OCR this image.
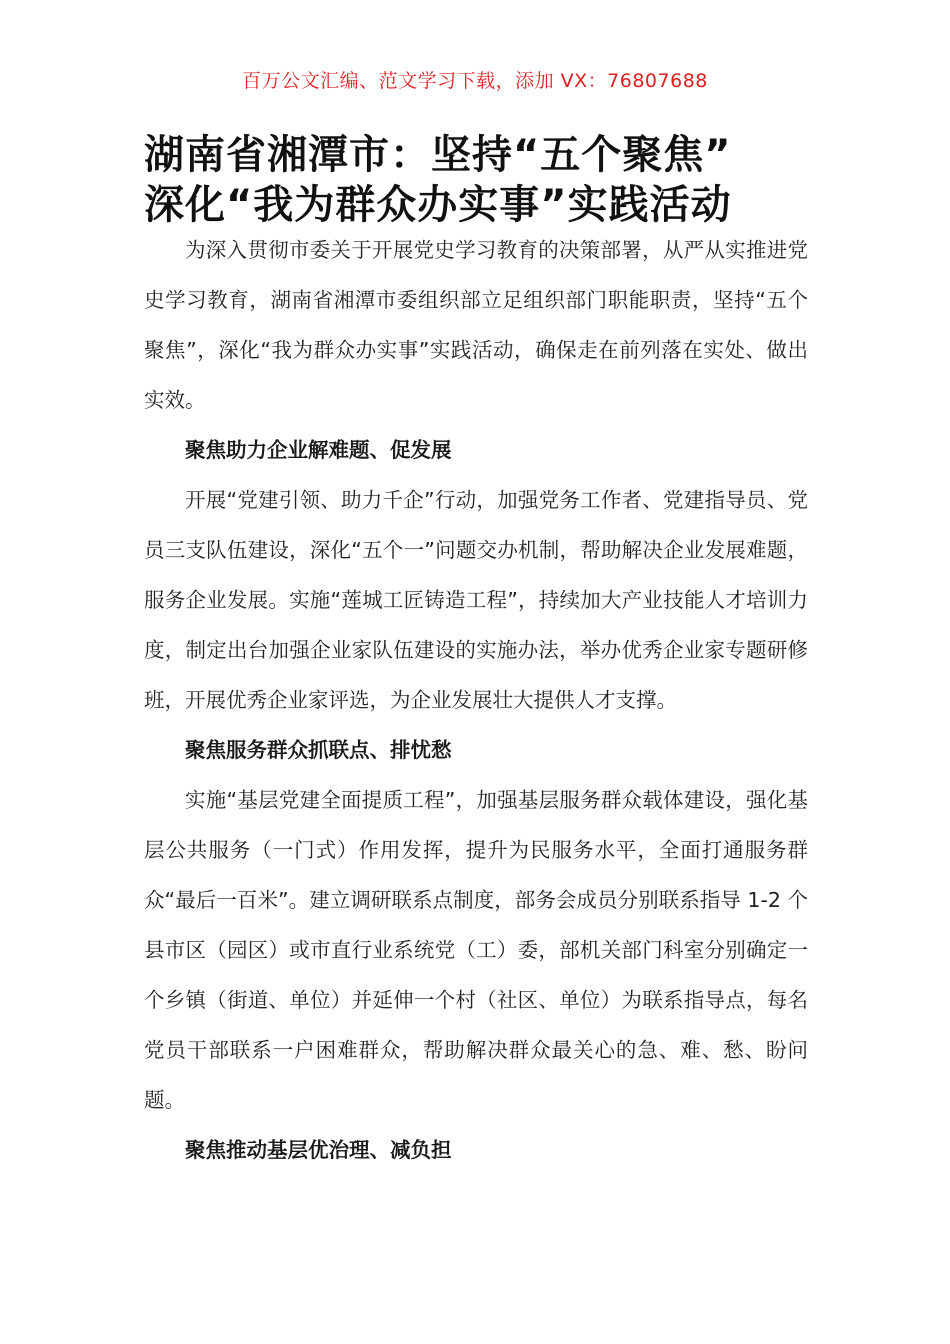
百万公文汇编、范文学习下载，添加 VX：76807688
湖南省湘潭市：坚持“五个聚焦”
深化“我为群众办实事”实践活动

为深入贯彻市委关于开展党史学习教育的决策部署，从严从实推进党史学习教育，湖南省湘潭市委组织部立足组织部门职能职责，坚持“五个聚焦”，深化“我为群众办实事”实践活动，确保走在前列落在实处、做出实效。

聚焦助力企业解难题、促发展

开展“党建引领、助力千企”行动，加强党务工作者、党建指导员、党员三支队伍建设，深化“五个一”问题交办机制，帮助解决企业发展难题，服务企业发展。实施“莲城工匠铸造工程”，持续加大产业技能人才培训力度，制定出台加强企业家队伍建设的实施办法，举办优秀企业家专题研修班，开展优秀企业家评选，为企业发展壮大提供人才支撑。

聚焦服务群众抓联点、排忧愁

实施“基层党建全面提质工程”，加强基层服务群众载体建设，强化基层公共服务（一门式）作用发挥，提升为民服务水平，全面打通服务群众“最后一百米”。建立调研联系点制度，部务会成员分别联系指导 1-2 个县市区（园区）或市直行业系统党（工）委，部机关部门科室分别确定一个乡镇（街道、单位）并延伸一个村（社区、单位）为联系指导点，每名党员干部联系一户困难群众，帮助解决群众最关心的急、难、愁、盼问题。

聚焦推动基层优治理、减负担
